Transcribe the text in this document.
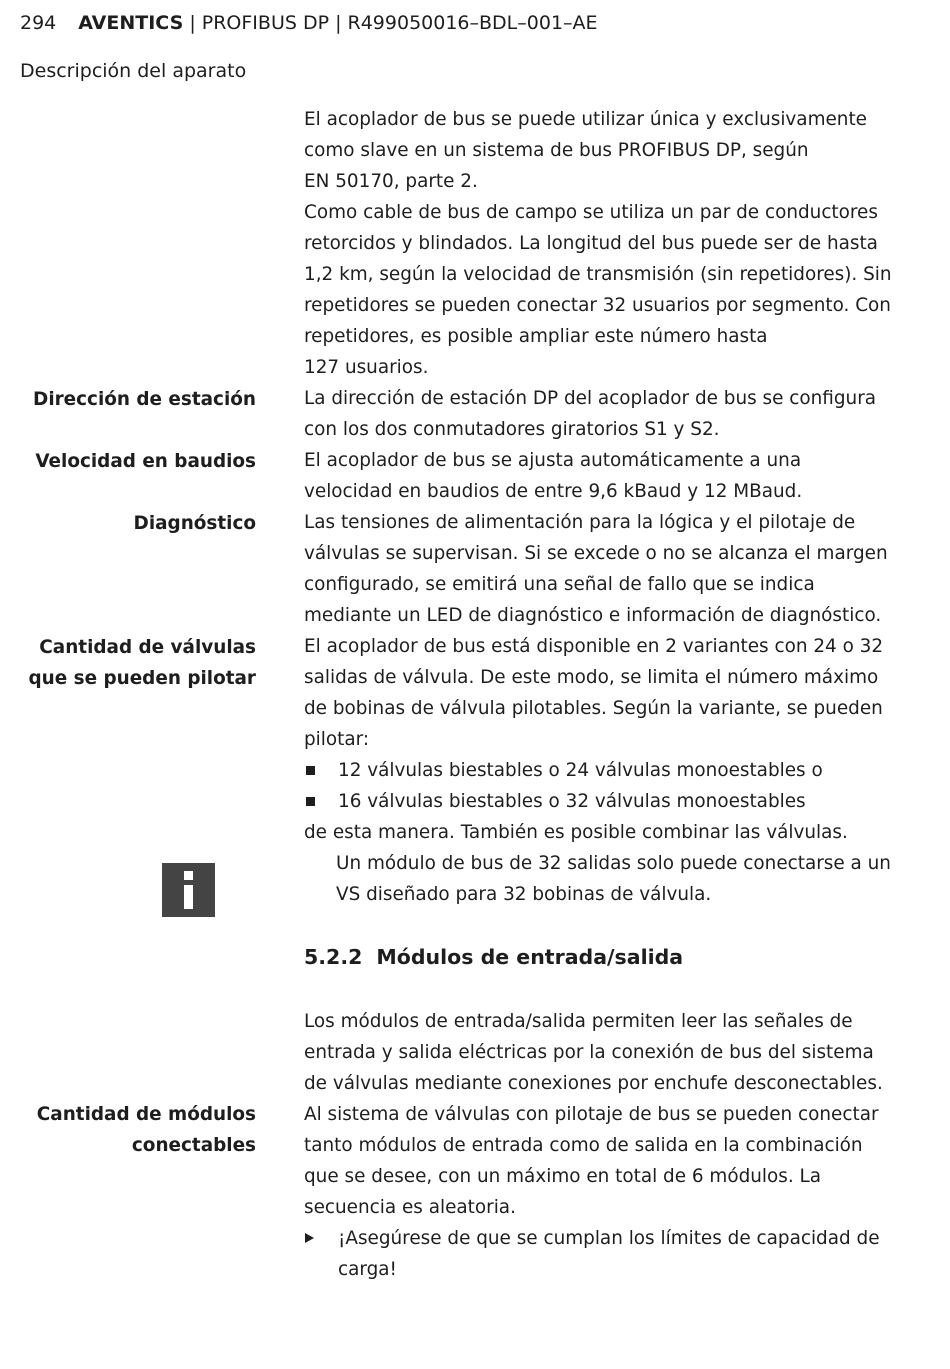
294 AVENTICS | PROFIBUS DP | R499050016–BDL–001–AE
Descripción del aparato

El acoplador de bus se puede utilizar única y exclusivamente como slave en un sistema de bus PROFIBUS DP, según

EN 50170, parte 2.

Como cable de bus de campo se utiliza un par de conductores retorcidos y blindados. La longitud del bus puede ser de hasta 1,2 km, según la velocidad de transmisión (sin repetidores). Sin repetidores se pueden conectar 32 usuarios por segmento. Con repetidores, es posible ampliar este número hasta

127 usuarios.

La dirección de estación DP del acoplador de bus se configura con los dos conmutadores giratorios S1 y S2.

El acoplador de bus se ajusta automáticamente a una velocidad en baudios de entre 9,6 kBaud y 12 MBaud.

Las tensiones de alimentación para la lógica y el pilotaje de válvulas se supervisan. Si se excede o no se alcanza el margen configurado, se emitirá una señal de fallo que se indica mediante un LED de diagnóstico e información de diagnóstico.

El acoplador de bus está disponible en 2 variantes con 24 o 32 salidas de válvula. De este modo, se limita el número máximo de bobinas de válvula pilotables. Según la variante, se pueden pilotar:

12 válvulas biestables o 24 válvulas monoestables o
16 válvulas biestables o 32 válvulas monoestables

de esta manera. También es posible combinar las válvulas.

Un módulo de bus de 32 salidas solo puede conectarse a un VS diseñado para 32 bobinas de válvula.

Dirección de estación
Velocidad en baudios
Diagnóstico
Cantidad de válvulas
que se pueden pilotar
5.2.2 Módulos de entrada/salida

Los módulos de entrada/salida permiten leer las señales de entrada y salida eléctricas por la conexión de bus del sistema de válvulas mediante conexiones por enchufe desconectables.

Al sistema de válvulas con pilotaje de bus se pueden conectar tanto módulos de entrada como de salida en la combinación que se desee, con un máximo en total de 6 módulos. La secuencia es aleatoria.

¡Asegúrese de que se cumplan los límites de capacidad de carga!
Cantidad de módulos
conectables
